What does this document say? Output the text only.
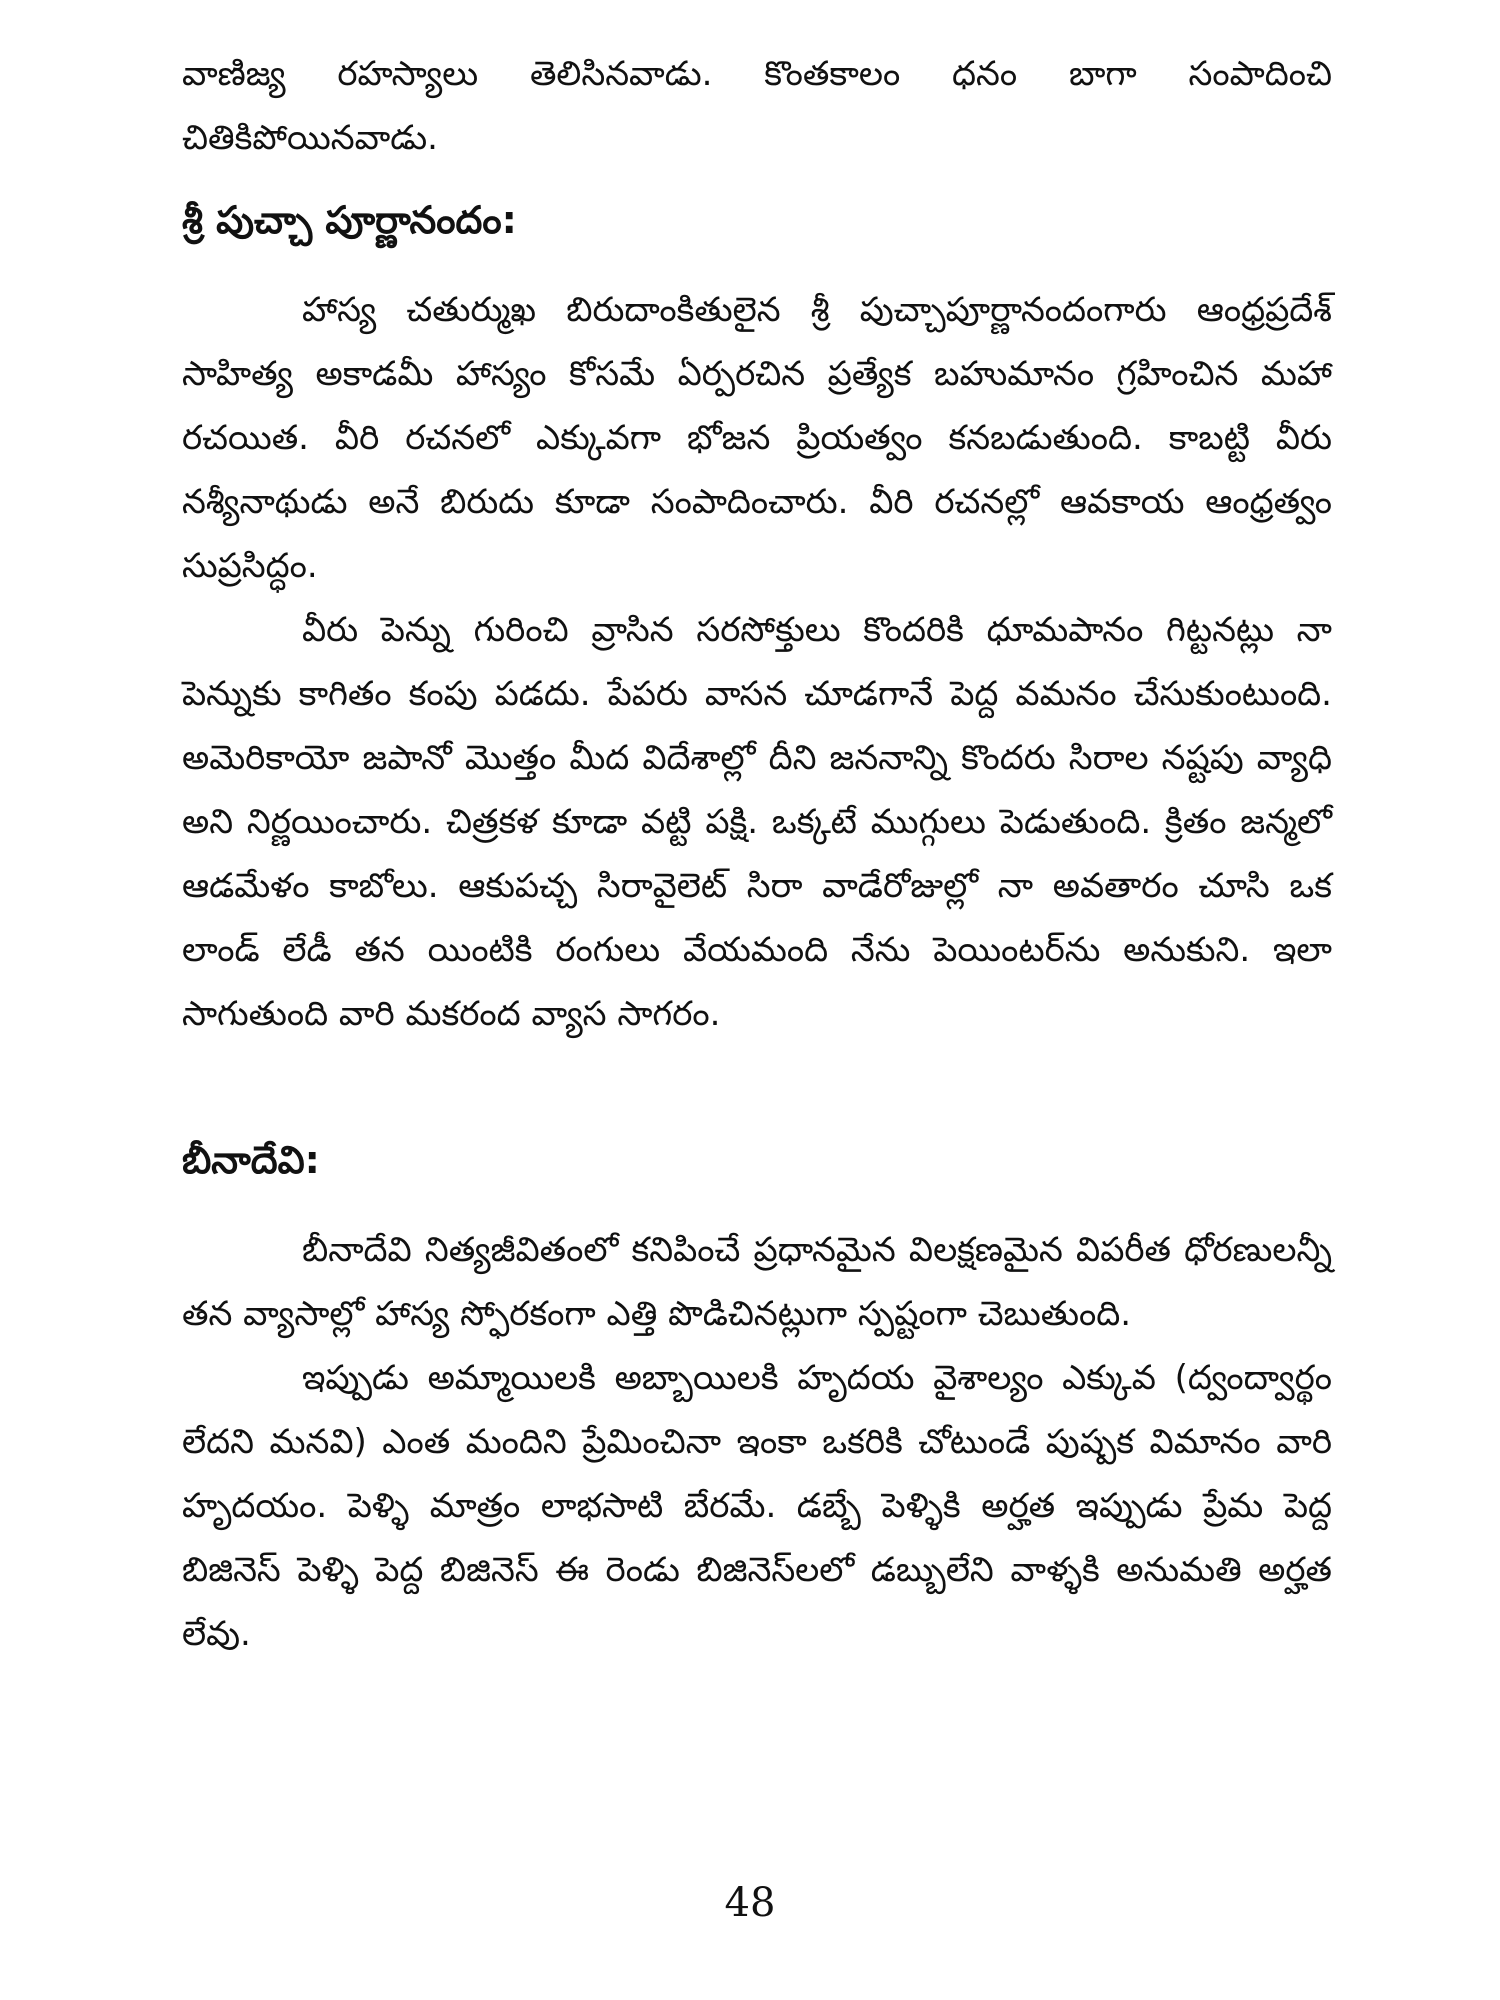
వాణిజ్య రహస్యాలు తెలిసినవాడు. కొంతకాలం ధనం బాగా సంపాదించి చితికిపోయినవాడు.

శ్రీ పుచ్చా పూర్ణానందం:

హాస్య చతుర్ముఖ బిరుదాంకితులైన శ్రీ పుచ్చాపూర్ణానందంగారు ఆంధ్రప్రదేశ్ సాహిత్య అకాడమీ హాస్యం కోసమే ఏర్పరచిన ప్రత్యేక బహుమానం గ్రహించిన మహా రచయిత. వీరి రచనలో ఎక్కువగా భోజన ప్రియత్వం కనబడుతుంది. కాబట్టి వీరు నశ్యీనాథుడు అనే బిరుదు కూడా సంపాదించారు. వీరి రచనల్లో ఆవకాయ ఆంధ్రత్వం సుప్రసిద్ధం.

వీరు పెన్ను గురించి వ్రాసిన సరసోక్తులు కొందరికి ధూమపానం గిట్టనట్లు నా పెన్నుకు కాగితం కంపు పడదు. పేపరు వాసన చూడగానే పెద్ద వమనం చేసుకుంటుంది. అమెరికాయో జపానో మొత్తం మీద విదేశాల్లో దీని జననాన్ని కొందరు సిరాల నష్టపు వ్యాధి అని నిర్ణయించారు. చిత్రకళ కూడా వట్టి పక్షి. ఒక్కటే ముగ్గులు పెడుతుంది. క్రితం జన్మలో ఆడమేళం కాబోలు. ఆకుపచ్చ సిరావైలెట్ సిరా వాడేరోజుల్లో నా అవతారం చూసి ఒక లాండ్ లేడీ తన యింటికి రంగులు వేయమంది నేను పెయింటర్‌ను అనుకుని. ఇలా సాగుతుంది వారి మకరంద వ్యాస సాగరం.

బీనాదేవి:

బీనాదేవి నిత్యజీవితంలో కనిపించే ప్రధానమైన విలక్షణమైన విపరీత ధోరణులన్నీ తన వ్యాసాల్లో హాస్య స్ఫోరకంగా ఎత్తి పొడిచినట్లుగా స్పష్టంగా చెబుతుంది.

ఇప్పుడు అమ్మాయిలకి అబ్బాయిలకి హృదయ వైశాల్యం ఎక్కువ (ద్వంద్వార్థం లేదని మనవి) ఎంత మందిని ప్రేమించినా ఇంకా ఒకరికి చోటుండే పుష్పక విమానం వారి హృదయం. పెళ్ళి మాత్రం లాభసాటి బేరమే. డబ్బే పెళ్ళికి అర్హత ఇప్పుడు ప్రేమ పెద్ద బిజినెస్ పెళ్ళి పెద్ద బిజినెస్ ఈ రెండు బిజినెస్‌లలో డబ్బులేని వాళ్ళకి అనుమతి అర్హత లేవు.

48
